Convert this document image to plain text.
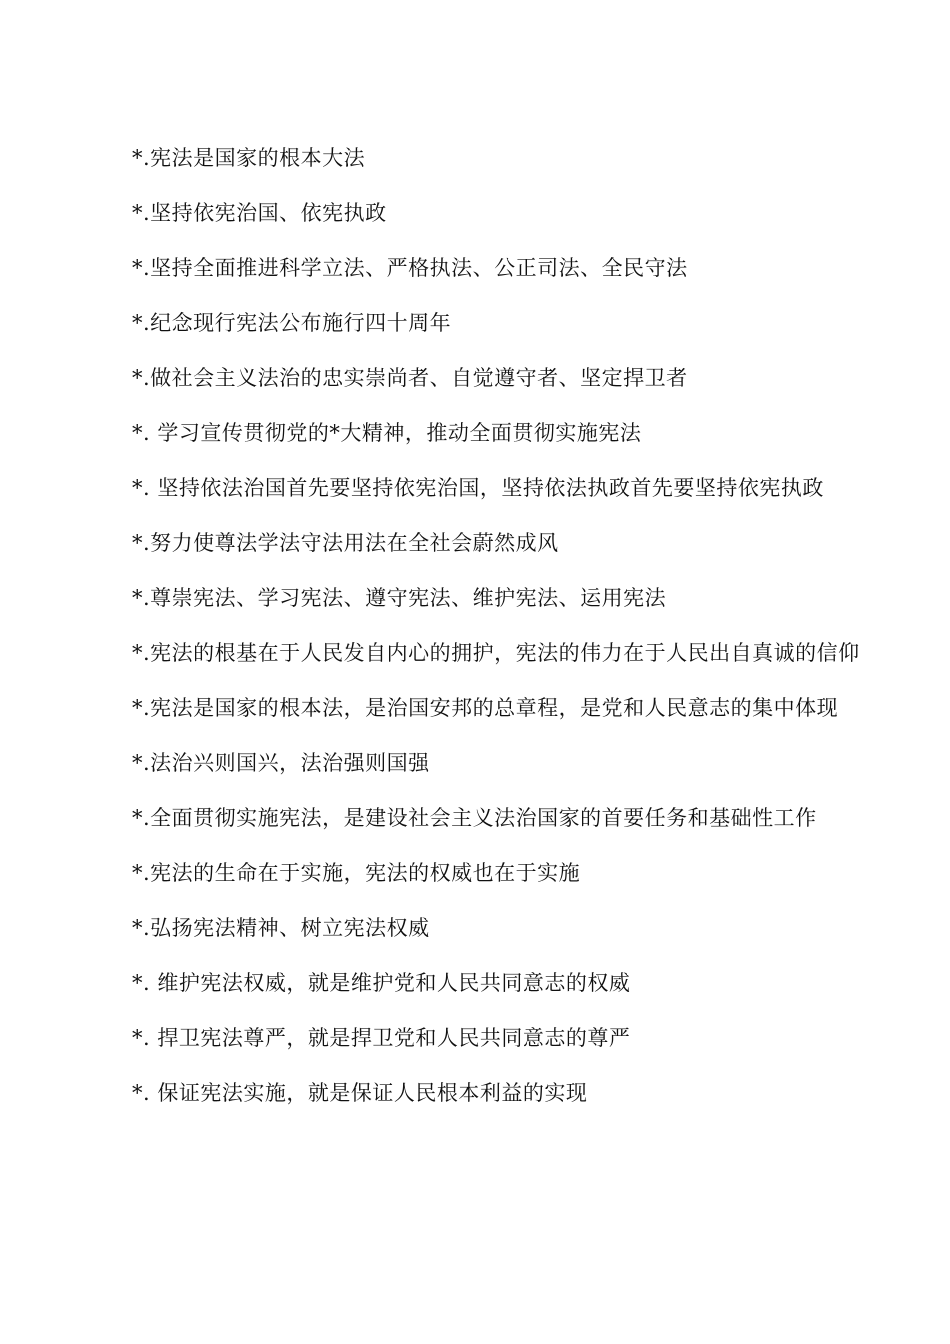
*.宪法是国家的根本大法

*.坚持依宪治国、依宪执政

*.坚持全面推进科学立法、严格执法、公正司法、全民守法

*.纪念现行宪法公布施行四十周年

*.做社会主义法治的忠实崇尚者、自觉遵守者、坚定捍卫者

*. 学习宣传贯彻党的*大精神，推动全面贯彻实施宪法

*. 坚持依法治国首先要坚持依宪治国，坚持依法执政首先要坚持依宪执政

*.努力使尊法学法守法用法在全社会蔚然成风

*.尊崇宪法、学习宪法、遵守宪法、维护宪法、运用宪法

*.宪法的根基在于人民发自内心的拥护，宪法的伟力在于人民出自真诚的信仰

*.宪法是国家的根本法，是治国安邦的总章程，是党和人民意志的集中体现

*.法治兴则国兴，法治强则国强

*.全面贯彻实施宪法，是建设社会主义法治国家的首要任务和基础性工作

*.宪法的生命在于实施，宪法的权威也在于实施

*.弘扬宪法精神、树立宪法权威

*. 维护宪法权威，就是维护党和人民共同意志的权威

*. 捍卫宪法尊严，就是捍卫党和人民共同意志的尊严

*. 保证宪法实施，就是保证人民根本利益的实现
